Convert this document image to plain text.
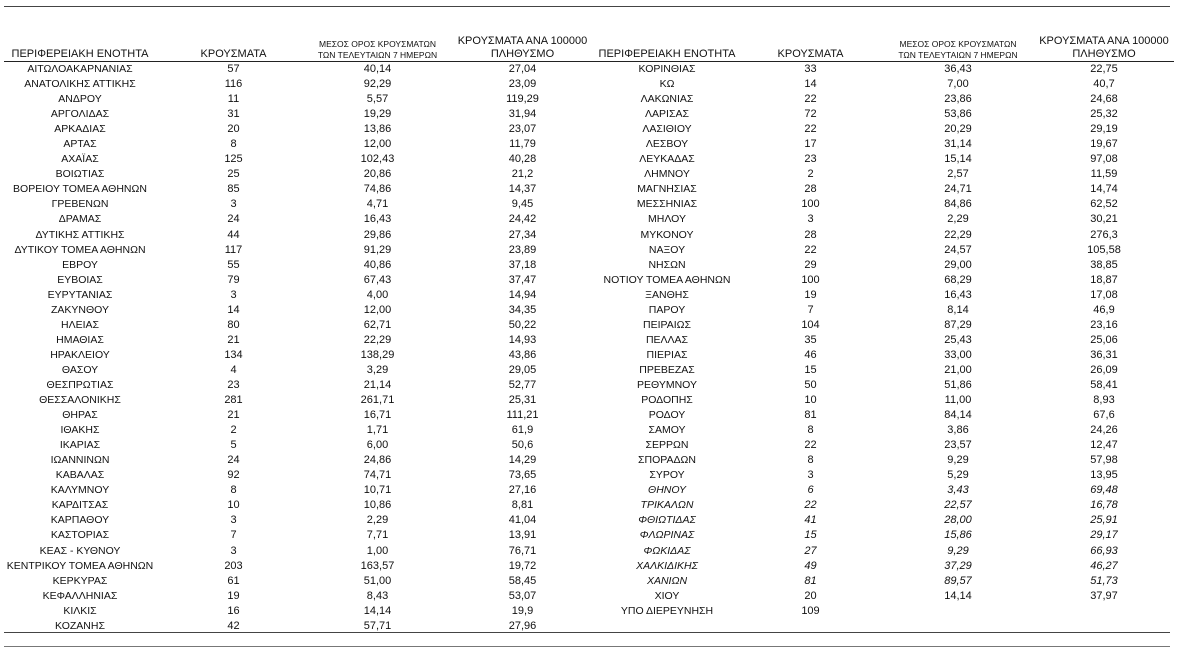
ΠΕΡΙΦΕΡΕΙΑΚΗ ΕΝΟΤΗΤΑ	ΚΡΟΥΣΜΑΤΑ	ΜΕΣΟΣ ΟΡΟΣ ΚΡΟΥΣΜΑΤΩΝ
ΤΩΝ ΤΕΛΕΥΤΑΙΩΝ 7 ΗΜΕΡΩΝ	ΚΡΟΥΣΜΑΤΑ ΑΝΑ 100000
ΠΛΗΘΥΣΜΟ
ΑΙΤΩΛΟΑΚΑΡΝΑΝΙΑΣ	57	40,14	27,04
ΑΝΑΤΟΛΙΚΗΣ ΑΤΤΙΚΗΣ	116	92,29	23,09
ΑΝΔΡΟΥ	11	5,57	119,29
ΑΡΓΟΛΙΔΑΣ	31	19,29	31,94
ΑΡΚΑΔΙΑΣ	20	13,86	23,07
ΑΡΤΑΣ	8	12,00	11,79
ΑΧΑΪΑΣ	125	102,43	40,28
ΒΟΙΩΤΙΑΣ	25	20,86	21,2
ΒΟΡΕΙΟΥ ΤΟΜΕΑ ΑΘΗΝΩΝ	85	74,86	14,37
ΓΡΕΒΕΝΩΝ	3	4,71	9,45
ΔΡΑΜΑΣ	24	16,43	24,42
ΔΥΤΙΚΗΣ ΑΤΤΙΚΗΣ	44	29,86	27,34
ΔΥΤΙΚΟΥ ΤΟΜΕΑ ΑΘΗΝΩΝ	117	91,29	23,89
ΕΒΡΟΥ	55	40,86	37,18
ΕΥΒΟΙΑΣ	79	67,43	37,47
ΕΥΡΥΤΑΝΙΑΣ	3	4,00	14,94
ΖΑΚΥΝΘΟΥ	14	12,00	34,35
ΗΛΕΙΑΣ	80	62,71	50,22
ΗΜΑΘΙΑΣ	21	22,29	14,93
ΗΡΑΚΛΕΙΟΥ	134	138,29	43,86
ΘΑΣΟΥ	4	3,29	29,05
ΘΕΣΠΡΩΤΙΑΣ	23	21,14	52,77
ΘΕΣΣΑΛΟΝΙΚΗΣ	281	261,71	25,31
ΘΗΡΑΣ	21	16,71	111,21
ΙΘΑΚΗΣ	2	1,71	61,9
ΙΚΑΡΙΑΣ	5	6,00	50,6
ΙΩΑΝΝΙΝΩΝ	24	24,86	14,29
ΚΑΒΑΛΑΣ	92	74,71	73,65
ΚΑΛΥΜΝΟΥ	8	10,71	27,16
ΚΑΡΔΙΤΣΑΣ	10	10,86	8,81
ΚΑΡΠΑΘΟΥ	3	2,29	41,04
ΚΑΣΤΟΡΙΑΣ	7	7,71	13,91
ΚΕΑΣ - ΚΥΘΝΟΥ	3	1,00	76,71
ΚΕΝΤΡΙΚΟΥ ΤΟΜΕΑ ΑΘΗΝΩΝ	203	163,57	19,72
ΚΕΡΚΥΡΑΣ	61	51,00	58,45
ΚΕΦΑΛΛΗΝΙΑΣ	19	8,43	53,07
ΚΙΛΚΙΣ	16	14,14	19,9
ΚΟΖΑΝΗΣ	42	57,71	27,96
ΠΕΡΙΦΕΡΕΙΑΚΗ ΕΝΟΤΗΤΑ	ΚΡΟΥΣΜΑΤΑ	ΜΕΣΟΣ ΟΡΟΣ ΚΡΟΥΣΜΑΤΩΝ
ΤΩΝ ΤΕΛΕΥΤΑΙΩΝ 7 ΗΜΕΡΩΝ	ΚΡΟΥΣΜΑΤΑ ΑΝΑ 100000
ΠΛΗΘΥΣΜΟ
ΚΟΡΙΝΘΙΑΣ	33	36,43	22,75
ΚΩ	14	7,00	40,7
ΛΑΚΩΝΙΑΣ	22	23,86	24,68
ΛΑΡΙΣΑΣ	72	53,86	25,32
ΛΑΣΙΘΙΟΥ	22	20,29	29,19
ΛΕΣΒΟΥ	17	31,14	19,67
ΛΕΥΚΑΔΑΣ	23	15,14	97,08
ΛΗΜΝΟΥ	2	2,57	11,59
ΜΑΓΝΗΣΙΑΣ	28	24,71	14,74
ΜΕΣΣΗΝΙΑΣ	100	84,86	62,52
ΜΗΛΟΥ	3	2,29	30,21
ΜΥΚΟΝΟΥ	28	22,29	276,3
ΝΑΞΟΥ	22	24,57	105,58
ΝΗΣΩΝ	29	29,00	38,85
ΝΟΤΙΟΥ ΤΟΜΕΑ ΑΘΗΝΩΝ	100	68,29	18,87
ΞΑΝΘΗΣ	19	16,43	17,08
ΠΑΡΟΥ	7	8,14	46,9
ΠΕΙΡΑΙΩΣ	104	87,29	23,16
ΠΕΛΛΑΣ	35	25,43	25,06
ΠΙΕΡΙΑΣ	46	33,00	36,31
ΠΡΕΒΕΖΑΣ	15	21,00	26,09
ΡΕΘΥΜΝΟΥ	50	51,86	58,41
ΡΟΔΟΠΗΣ	10	11,00	8,93
ΡΟΔΟΥ	81	84,14	67,6
ΣΑΜΟΥ	8	3,86	24,26
ΣΕΡΡΩΝ	22	23,57	12,47
ΣΠΟΡΑΔΩΝ	8	9,29	57,98
ΣΥΡΟΥ	3	5,29	13,95
ΘΗΝΟΥ	6	3,43	69,48
ΤΡΙΚΑΛΩΝ	22	22,57	16,78
ΦΘΙΩΤΙΔΑΣ	41	28,00	25,91
ΦΛΩΡΙΝΑΣ	15	15,86	29,17
ΦΩΚΙΔΑΣ	27	9,29	66,93
ΧΑΛΚΙΔΙΚΗΣ	49	37,29	46,27
ΧΑΝΙΩΝ	81	89,57	51,73
ΧΙΟΥ	20	14,14	37,97
ΥΠΟ ΔΙΕΡΕΥΝΗΣΗ	109		
